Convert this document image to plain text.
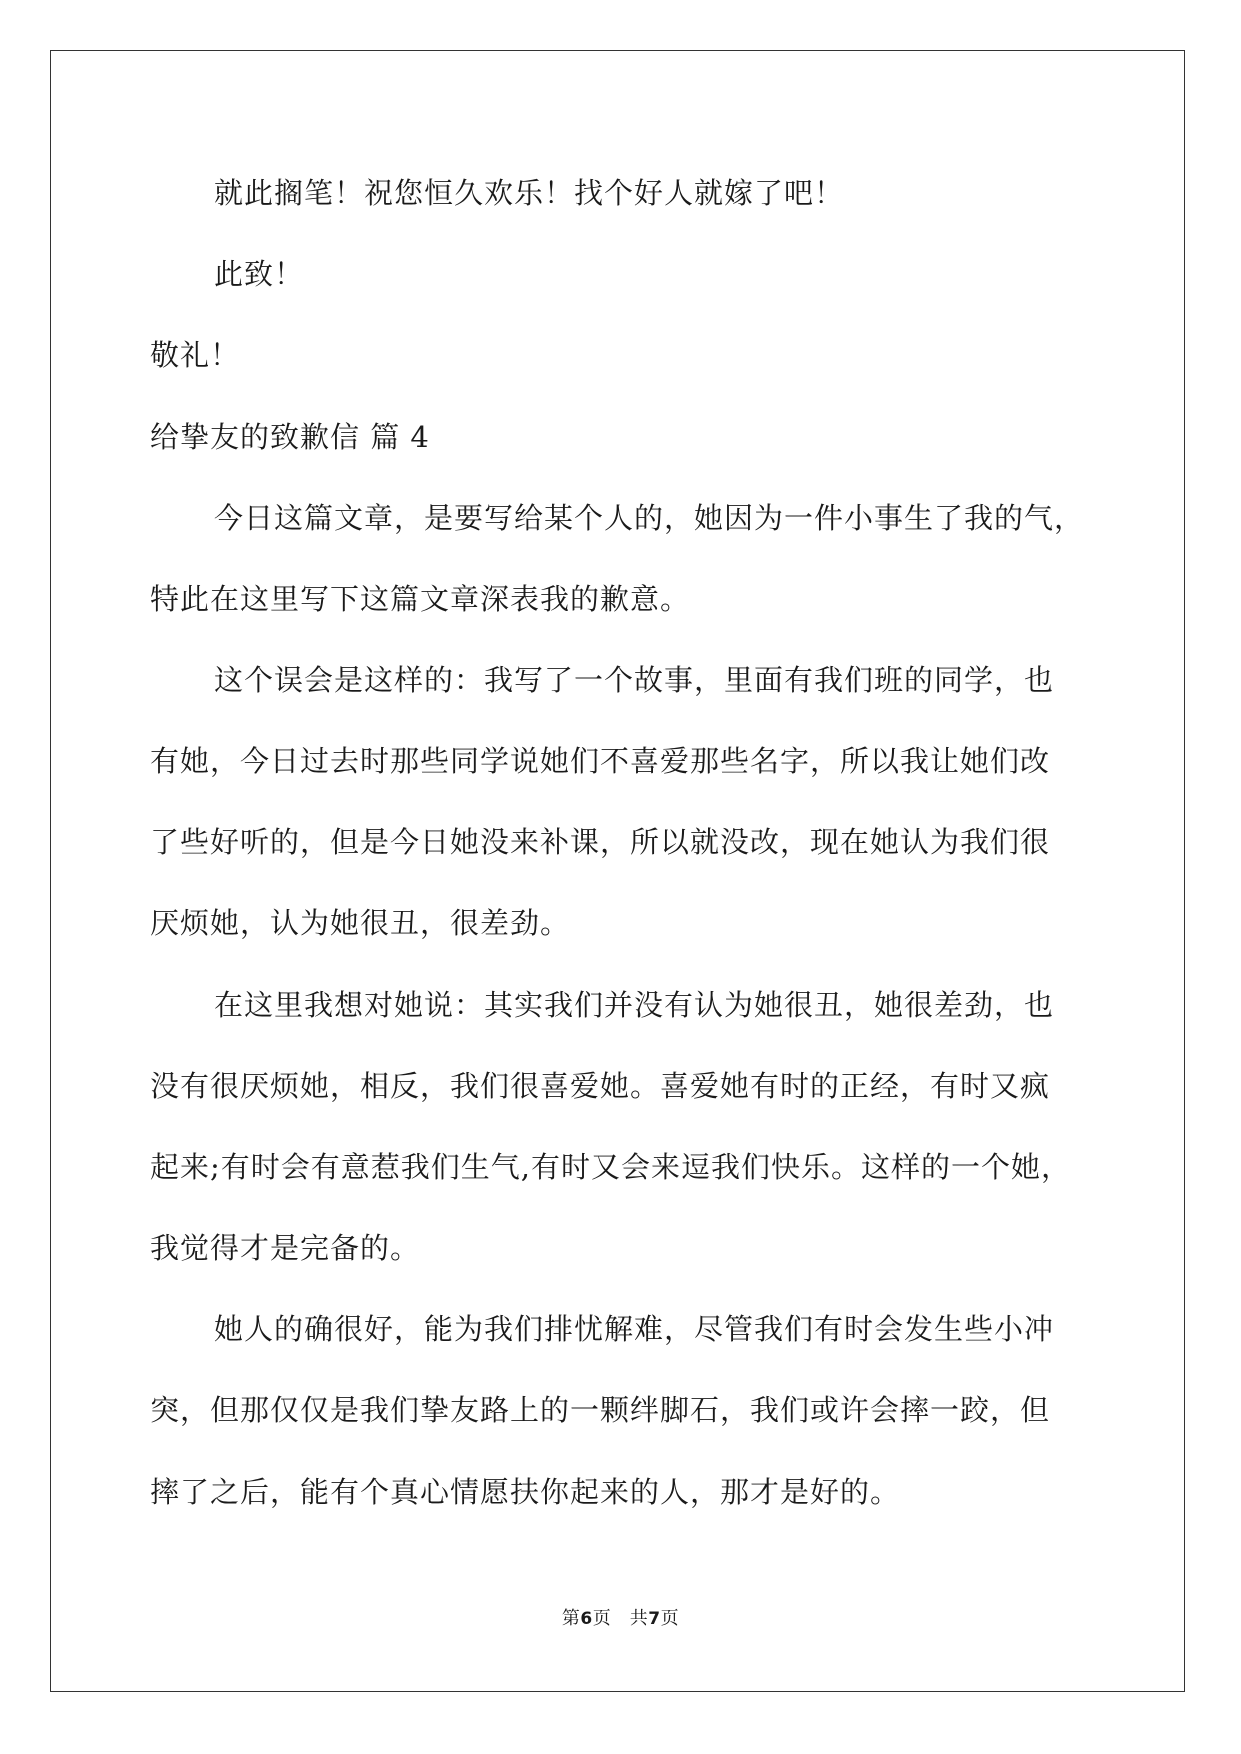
就此搁笔！祝您恒久欢乐！找个好人就嫁了吧！
此致！
敬礼！
给挚友的致歉信 篇 4
今日这篇文章，是要写给某个人的，她因为一件小事生了我的气，
特此在这里写下这篇文章深表我的歉意。
这个误会是这样的：我写了一个故事，里面有我们班的同学，也
有她，今日过去时那些同学说她们不喜爱那些名字，所以我让她们改
了些好听的，但是今日她没来补课，所以就没改，现在她认为我们很
厌烦她，认为她很丑，很差劲。
在这里我想对她说：其实我们并没有认为她很丑，她很差劲，也
没有很厌烦她，相反，我们很喜爱她。喜爱她有时的正经，有时又疯
起来;有时会有意惹我们生气,有时又会来逗我们快乐。这样的一个她，
我觉得才是完备的。
她人的确很好，能为我们排忧解难，尽管我们有时会发生些小冲
突，但那仅仅是我们挚友路上的一颗绊脚石，我们或许会摔一跤，但
摔了之后，能有个真心情愿扶你起来的人，那才是好的。
第6页　共7页
